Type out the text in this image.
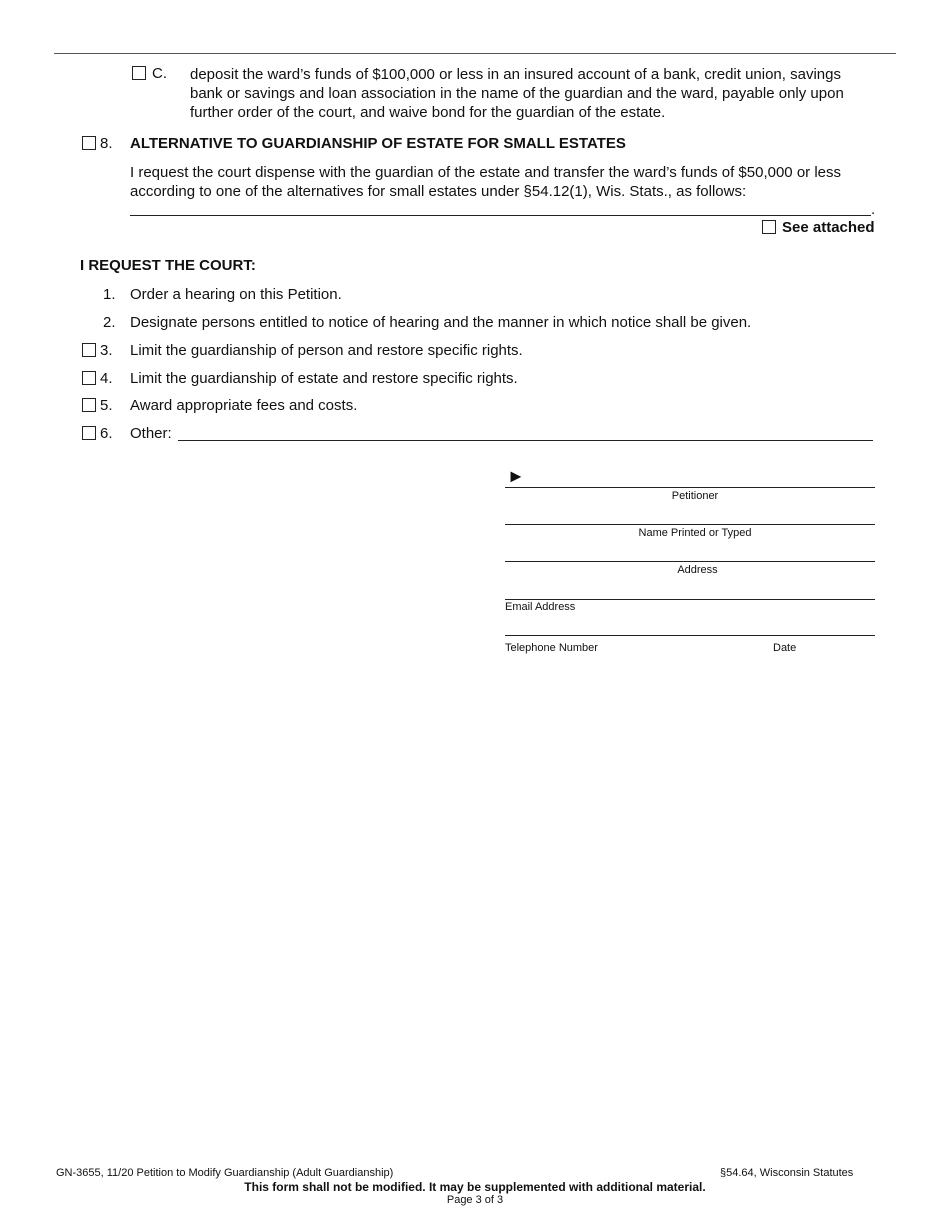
C. deposit the ward’s funds of $100,000 or less in an insured account of a bank, credit union, savings
bank or savings and loan association in the name of the guardian and the ward, payable only upon
further order of the court, and waive bond for the guardian of the estate.
8. ALTERNATIVE TO GUARDIANSHIP OF ESTATE FOR SMALL ESTATES
I request the court dispense with the guardian of the estate and transfer the ward’s funds of $50,000 or less
according to one of the alternatives for small estates under §54.12(1), Wis. Stats., as follows:
.
See attached
I REQUEST THE COURT:
1. Order a hearing on this Petition.
2. Designate persons entitled to notice of hearing and the manner in which notice shall be given.
3. Limit the guardianship of person and restore specific rights.
4. Limit the guardianship of estate and restore specific rights.
5. Award appropriate fees and costs.
6. Other:
►
Petitioner
Name Printed or Typed
Address
Email Address
Telephone Number	Date
GN-3655, 11/20 Petition to Modify Guardianship (Adult Guardianship)	§54.64, Wisconsin Statutes
This form shall not be modified. It may be supplemented with additional material.
Page 3 of 3
